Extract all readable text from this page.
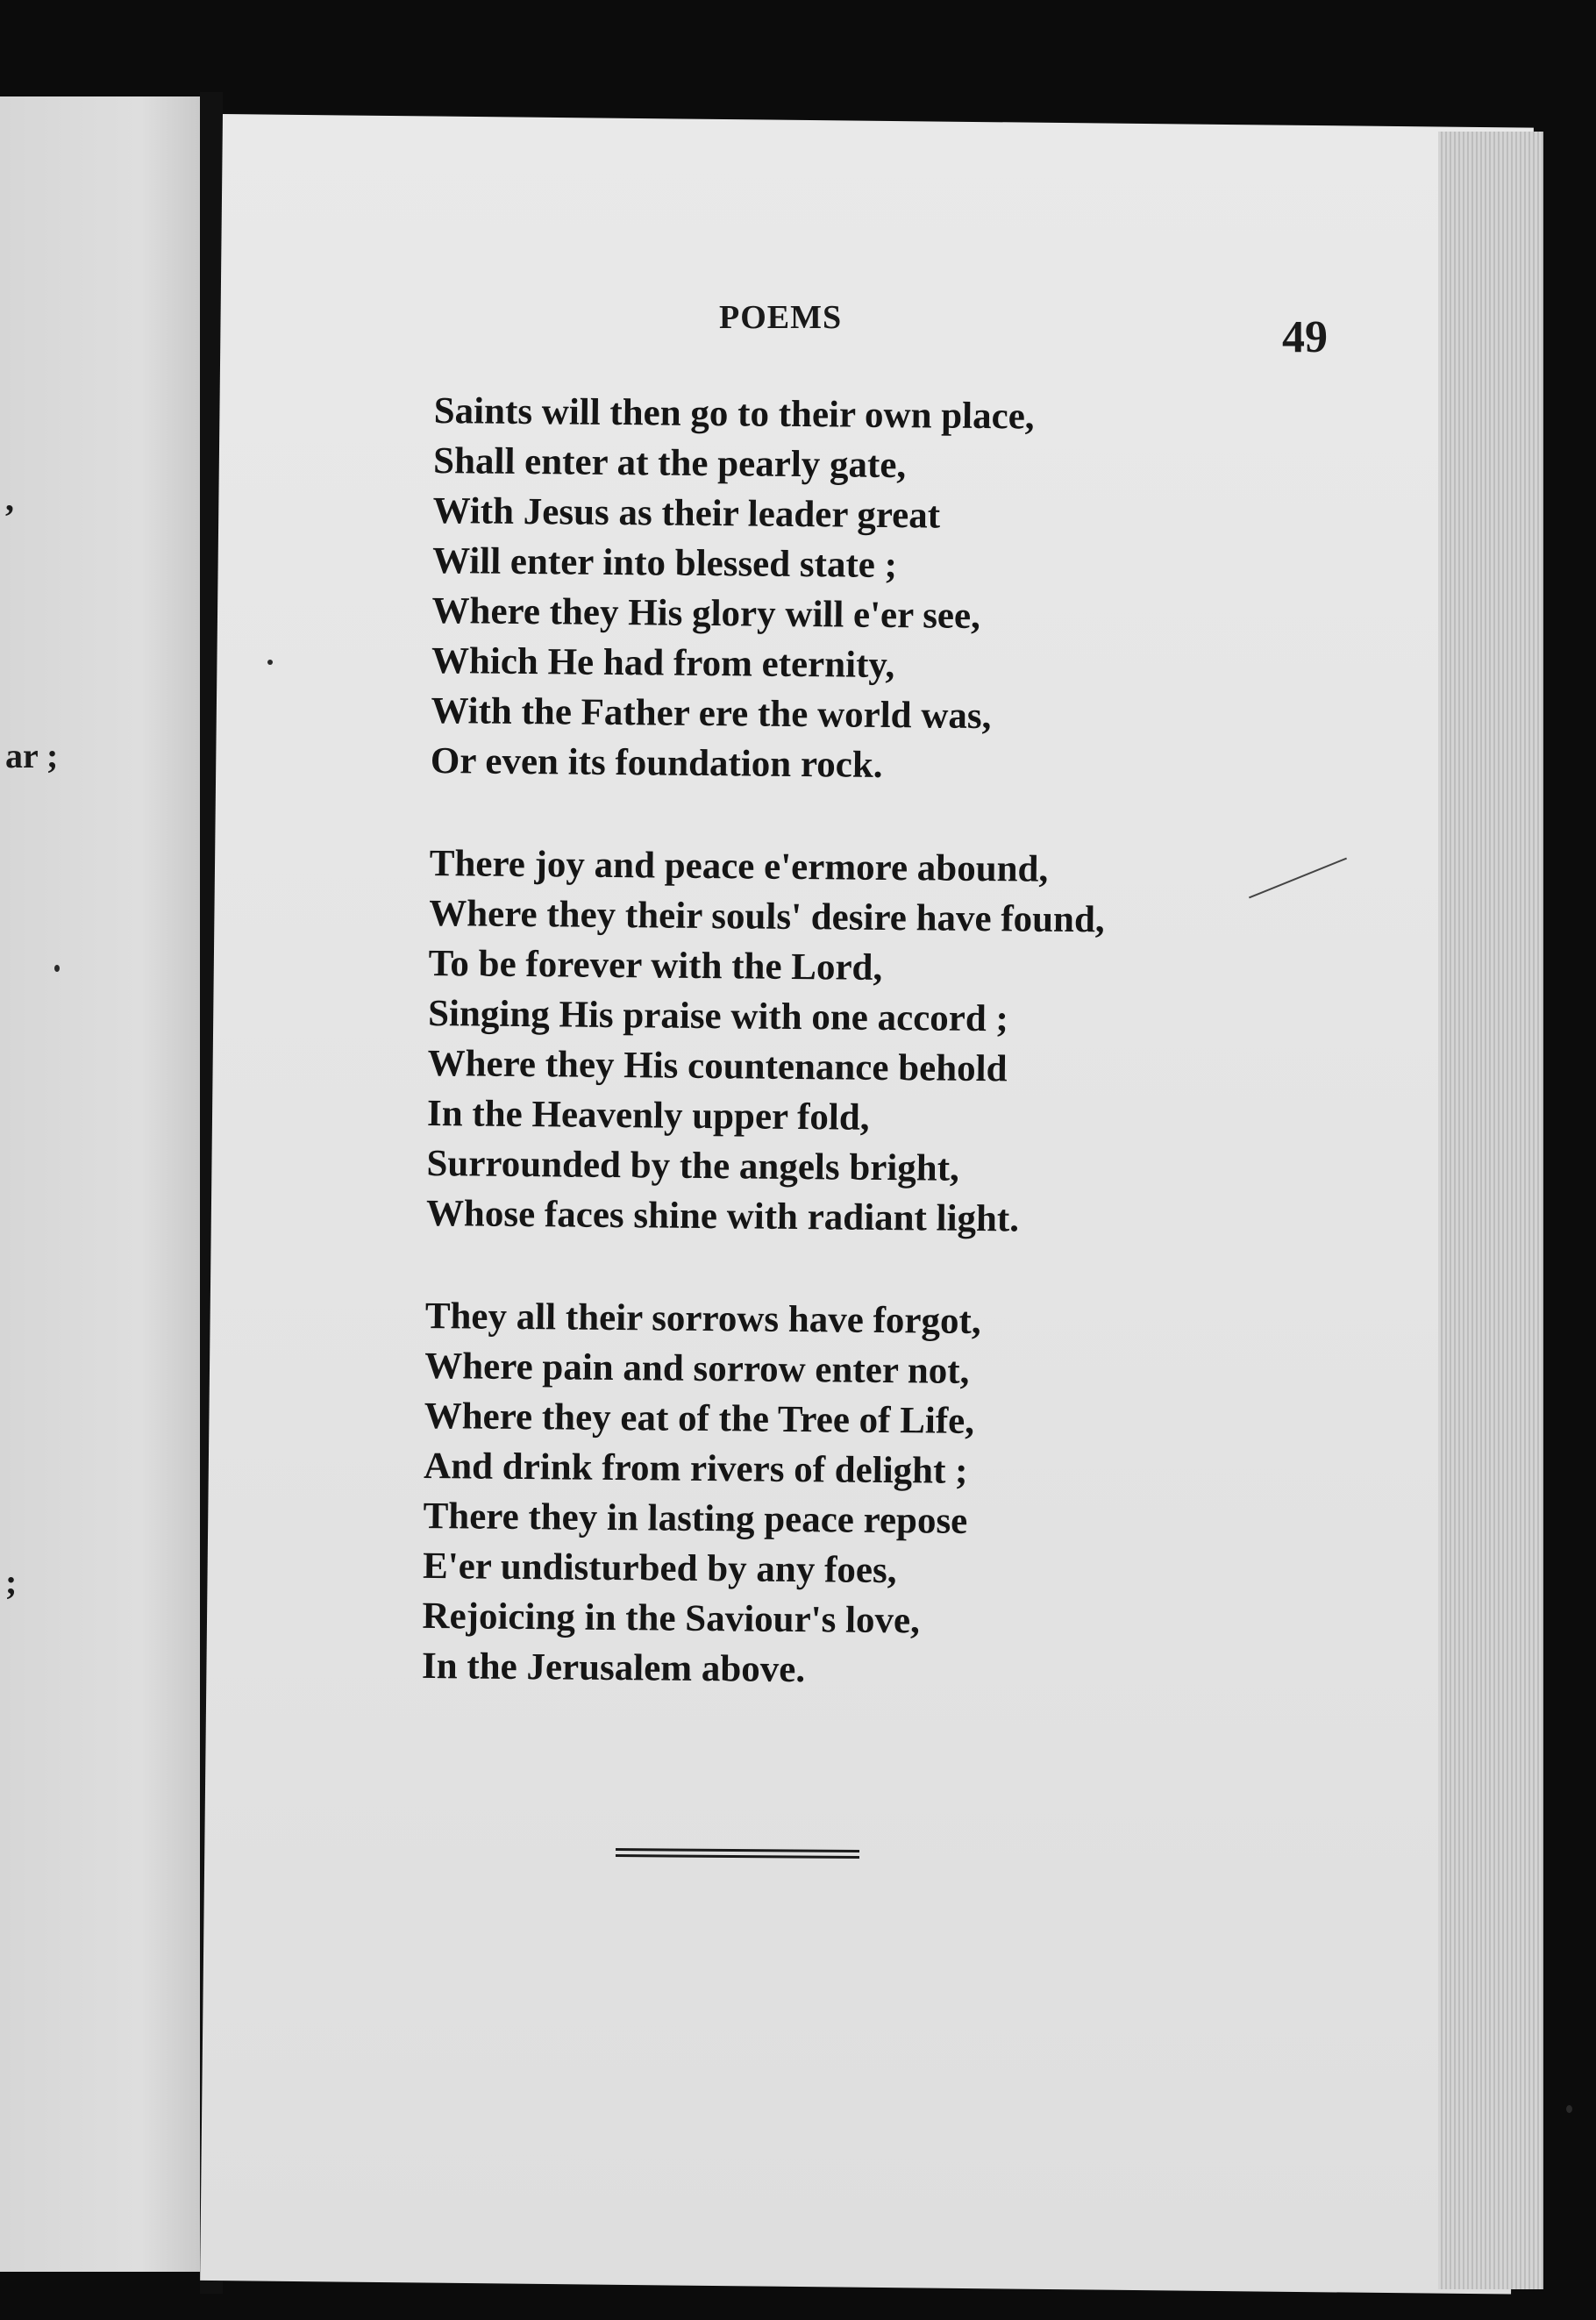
,
ar ;
;
POEMS	49
Saints will then go to their own place,
Shall enter at the pearly gate,
With Jesus as their leader great
Will enter into blessed state ;
Where they His glory will e'er see,
Which He had from eternity,
With the Father ere the world was,
Or even its foundation rock.
There joy and peace e'ermore abound,
Where they their souls' desire have found,
To be forever with the Lord,
Singing His praise with one accord ;
Where they His countenance behold
In the Heavenly upper fold,
Surrounded by the angels bright,
Whose faces shine with radiant light.
They all their sorrows have forgot,
Where pain and sorrow enter not,
Where they eat of the Tree of Life,
And drink from rivers of delight ;
There they in lasting peace repose
E'er undisturbed by any foes,
Rejoicing in the Saviour's love,
In the Jerusalem above.
